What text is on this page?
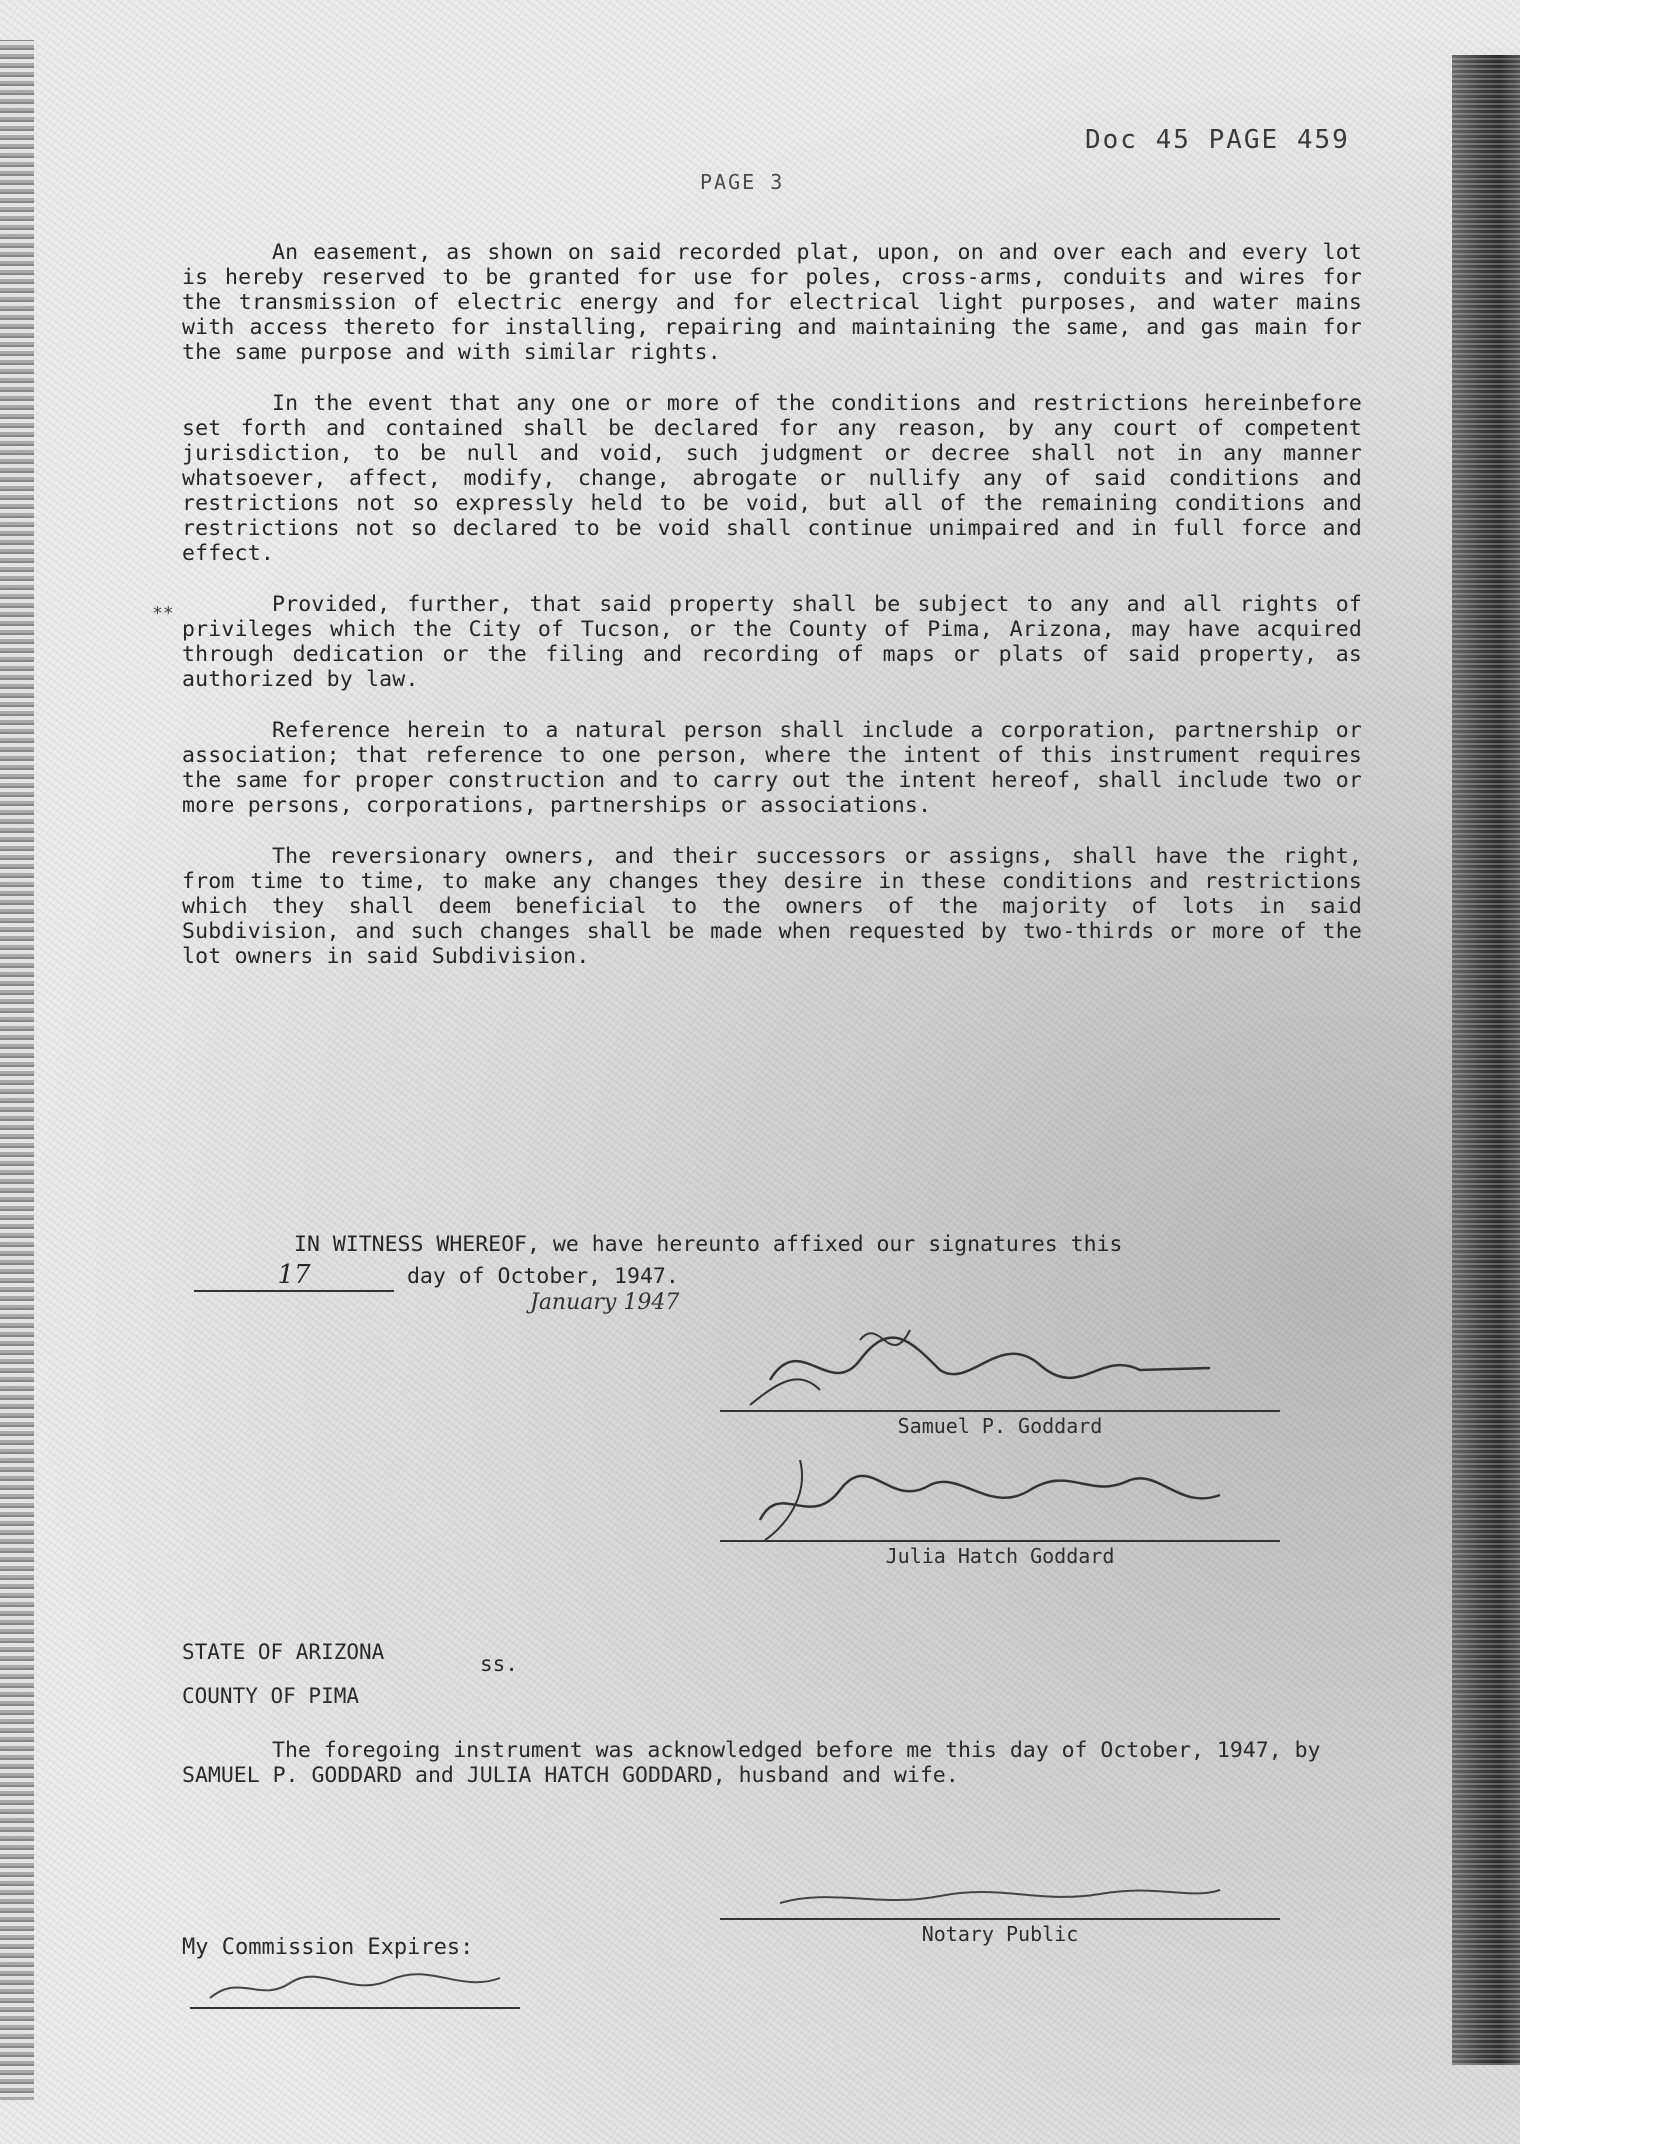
Doc 45 PAGE 459
PAGE 3
**

An easement, as shown on said recorded plat, upon, on and over each and every lot is hereby reserved to be granted for use for poles, cross-arms, conduits and wires for the transmission of electric energy and for electrical light purposes, and water mains with access thereto for installing, repairing and maintaining the same, and gas main for the same purpose and with similar rights.

In the event that any one or more of the conditions and restrictions hereinbefore set forth and contained shall be declared for any reason, by any court of competent jurisdiction, to be null and void, such judgment or decree shall not in any manner whatsoever, affect, modify, change, abrogate or nullify any of said conditions and restrictions not so expressly held to be void, but all of the remaining conditions and restrictions not so declared to be void shall continue unimpaired and in full force and effect.

Provided, further, that said property shall be subject to any and all rights of privileges which the City of Tucson, or the County of Pima, Arizona, may have acquired through dedication or the filing and recording of maps or plats of said property, as authorized by law.

Reference herein to a natural person shall include a corporation, partnership or association; that reference to one person, where the intent of this instrument requires the same for proper construction and to carry out the intent hereof, shall include two or more persons, corporations, partnerships or associations.

The reversionary owners, and their successors or assigns, shall have the right, from time to time, to make any changes they desire in these conditions and restrictions which they shall deem beneficial to the owners of the majority of lots in said Subdivision, and such changes shall be made when requested by two-thirds or more of the lot owners in said Subdivision.

IN WITNESS WHEREOF, we have hereunto affixed our signatures this
17	day of October, 1947.
January 1947
Samuel P. Goddard
Julia Hatch Goddard
STATE OF ARIZONA
COUNTY OF PIMA
ss.
The foregoing instrument was acknowledged before me this day of October, 1947, by SAMUEL P. GODDARD and JULIA HATCH GODDARD, husband and wife.
Notary Public
My Commission Expires:
